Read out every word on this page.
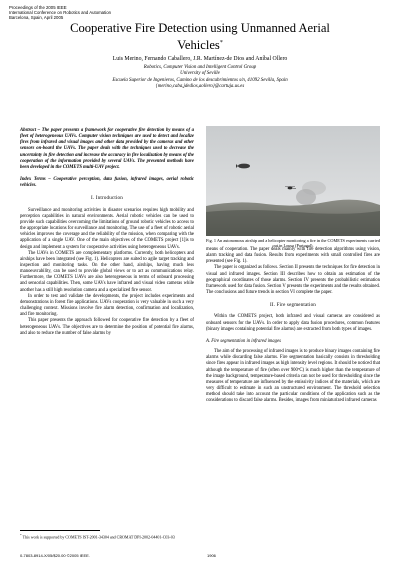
Proceedings of the 2005 IEEE
International Conference on Robotics and Automation
Barcelona, Spain, April 2005
Cooperative Fire Detection using Unmanned Aerial
Vehicles*
Luis Merino, Fernando Caballero, J.R. Martínez-de Dios and Aníbal Ollero
Robotics, Computer Vision and Intelligent Control Group
University of Seville
Escuela Superior de Ingenieros, Camino de los descubrimientos s/n, 41092 Sevilla, Spain
{merino,caba,jdedios,aollero}@cartuja.us.es

Abstract – The paper presents a framework for cooperative fire detection by means of a fleet of heterogeneous UAVs. Computer vision techniques are used to detect and localize fires from infrared and visual images and other data provided by the cameras and other sensors on-board the UAVs. The paper deals with the techniques used to decrease the uncertainty in fire detection and increase the accuracy in fire localization by means of the cooperation of the information provided by several UAVs. The presented methods have been developed in the COMETS multi-UAV project.

Index Terms – Cooperative perception, data fusion, infrared images, aerial robotic vehicles.

I. Introduction

Surveillance and monitoring activities in disaster scenarios requires high mobility and perception capabilities in natural environments. Aerial robotic vehicles can be used to provide such capabilities overcoming the limitations of ground robotic vehicles to access to the appropriate locations for surveillance and monitoring. The use of a fleet of robotic aerial vehicles improves the coverage and the reliability of the mission, when comparing with the application of a single UAV. One of the main objectives of the COMETS project [1]is to design and implement a system for cooperative activities using heterogeneous UAVs.

The UAVs in COMETS are complementary platforms. Currently, both helicopters and airships have been integrated (see Fig. 1). Helicopters are suited to agile target tracking and inspection and monitoring tasks. On the other hand, airships, having much less manoeuvrability, can be used to provide global views or to act as communications relay. Furthermore, the COMETS UAVs are also heterogeneous in terms of onboard processing and sensorial capabilities. Then, some UAVs have infrared and visual video cameras while another has a still high resolution camera and a specialized fire sensor.

In order to test and validate the developments, the project includes experiments and demonstrations in forest fire applications. UAVs cooperation is very valuable in such a very challenging context. Missions involve fire alarm detection, confirmation and localization, and fire monitoring.

This paper presents the approach followed for cooperative fire detection by a fleet of heterogeneous UAVs. The objectives are to determine the position of potential fire alarms, and also to reduce the number of false alarms by

Fig. 1 An autonomous airship and a helicopter monitoring a fire in the COMETS experiments carried out in Lousa (Portugal).

means of cooperation. The paper deals mainly with fire detection algorithms using vision, alarm tracking and data fusion. Results from experiments with small controlled fires are presented (see Fig. 1).

The paper is organized as follows. Section II presents the techniques for fire detection in visual and infrared images. Section III describes how to obtain an estimation of the geographical coordinates of those alarms. Section IV presents the probabilistic estimation framework used for data fusion. Section V presents the experiments and the results obtained. The conclusions and future trends in section VI complete the paper.

II. Fire segmentation

Within the COMETS project, both infrared and visual cameras are considered as onboard sensors for the UAVs. In order to apply data fusion procedures, common features (binary images containing potential fire alarms) are extracted from both types of images.

A. Fire segmentation in infrared images

The aim of the processing of infrared images is to produce binary images containing fire alarms while discarding false alarms. Fire segmentation basically consists in thresholding since fires appear in infrared images as high intensity level regions. It should be noticed that although the temperature of fire (often over 900ºC) is much higher than the temperature of the image background, temperature-based criteria can not be used for thresholding since the measures of temperature are influenced by the emissivity indices of the materials, which are very difficult to estimate in such an unstructured environment. The threshold selection method should take into account the particular conditions of the application such as the considerations to discard false alarms. Besides, images from miniaturized infrared cameras

* This work is supported by COMETS IST-2001-34304 and CROMAT DPI-2002-04401-C03-03
0-7803-8914-X/05/$20.00 ©2005 IEEE.	1906
